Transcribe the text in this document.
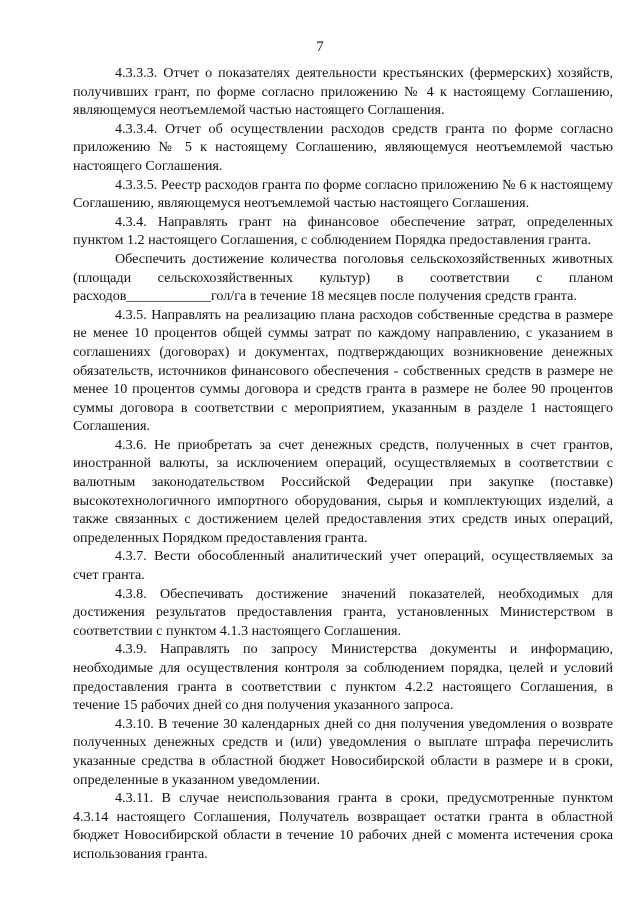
7

4.3.3.3. Отчет о показателях деятельности крестьянских (фермерских) хозяйств, получивших грант, по форме согласно приложению № 4 к настоящему Соглашению, являющемуся неотъемлемой частью настоящего Соглашения.

4.3.3.4. Отчет об осуществлении расходов средств гранта по форме согласно приложению № 5 к настоящему Соглашению, являющемуся неотъемлемой частью настоящего Соглашения.

4.3.3.5. Реестр расходов гранта по форме согласно приложению № 6 к настоящему Соглашению, являющемуся неотъемлемой частью настоящего Соглашения.

4.3.4. Направлять грант на финансовое обеспечение затрат, определенных пунктом 1.2 настоящего Соглашения, с соблюдением Порядка предоставления гранта.

Обеспечить достижение количества поголовья сельскохозяйственных животных (площади сельскохозяйственных культур) в соответствии с планом расходов____________гол/га в течение 18 месяцев после получения средств гранта.

4.3.5. Направлять на реализацию плана расходов собственные средства в размере не менее 10 процентов общей суммы затрат по каждому направлению, с указанием в соглашениях (договорах) и документах, подтверждающих возникновение денежных обязательств, источников финансового обеспечения - собственных средств в размере не менее 10 процентов суммы договора и средств гранта в размере не более 90 процентов суммы договора в соответствии с мероприятием, указанным в разделе 1 настоящего Соглашения.

4.3.6. Не приобретать за счет денежных средств, полученных в счет грантов, иностранной валюты, за исключением операций, осуществляемых в соответствии с валютным законодательством Российской Федерации при закупке (поставке) высокотехнологичного импортного оборудования, сырья и комплектующих изделий, а также связанных с достижением целей предоставления этих средств иных операций, определенных Порядком предоставления гранта.

4.3.7. Вести обособленный аналитический учет операций, осуществляемых за счет гранта.

4.3.8. Обеспечивать достижение значений показателей, необходимых для достижения результатов предоставления гранта, установленных Министерством в соответствии с пунктом 4.1.3 настоящего Соглашения.

4.3.9. Направлять по запросу Министерства документы и информацию, необходимые для осуществления контроля за соблюдением порядка, целей и условий предоставления гранта в соответствии с пунктом 4.2.2 настоящего Соглашения, в течение 15 рабочих дней со дня получения указанного запроса.

4.3.10. В течение 30 календарных дней со дня получения уведомления о возврате полученных денежных средств и (или) уведомления о выплате штрафа перечислить указанные средства в областной бюджет Новосибирской области в размере и в сроки, определенные в указанном уведомлении.

4.3.11. В случае неиспользования гранта в сроки, предусмотренные пунктом 4.3.14 настоящего Соглашения, Получатель возвращает остатки гранта в областной бюджет Новосибирской области в течение 10 рабочих дней с момента истечения срока использования гранта.
